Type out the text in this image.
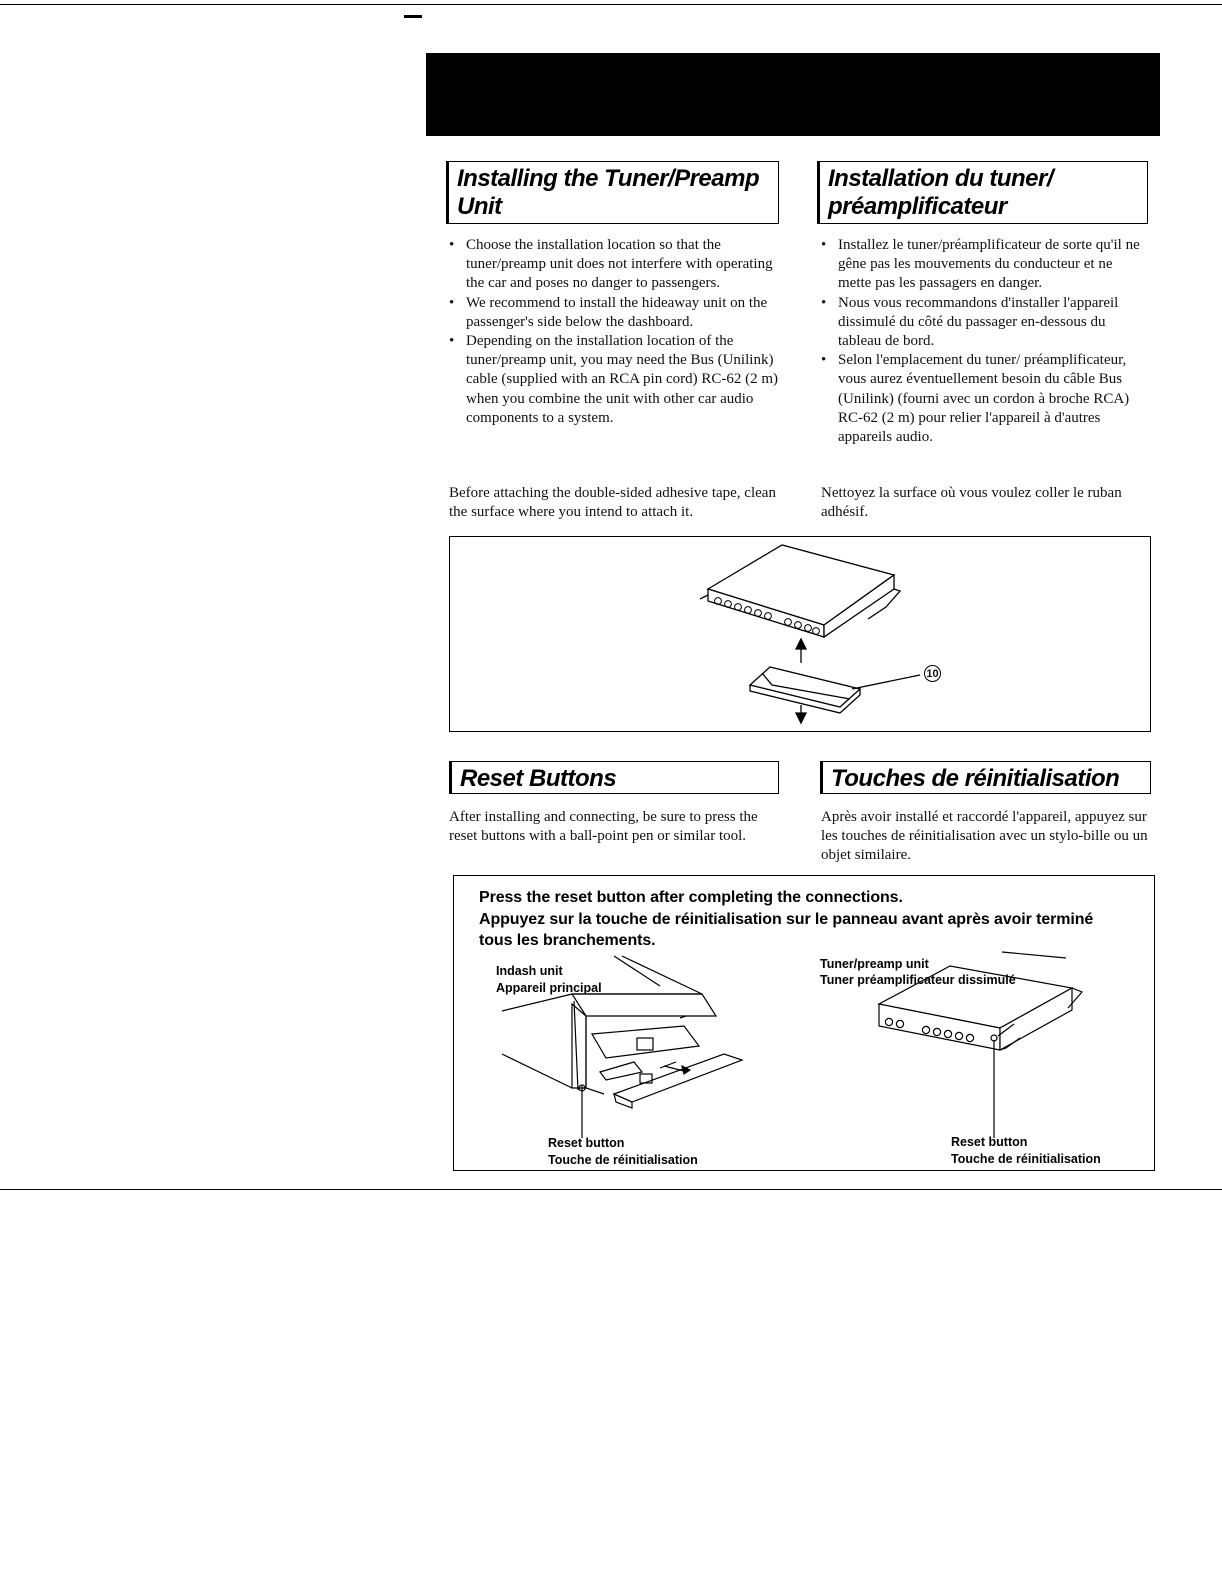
Installing the Tuner/Preamp Unit
Installation du tuner/ préamplificateur
• Choose the installation location so that the tuner/preamp unit does not interfere with operating the car and poses no danger to passengers.
• We recommend to install the hideaway unit on the passenger's side below the dashboard.
• Depending on the installation location of the tuner/preamp unit, you may need the Bus (Unilink) cable (supplied with an RCA pin cord) RC-62 (2 m) when you combine the unit with other car audio components to a system.
Before attaching the double-sided adhesive tape, clean the surface where you intend to attach it.
• Installez le tuner/préamplificateur de sorte qu'il ne gêne pas les mouvements du conducteur et ne mette pas les passagers en danger.
• Nous vous recommandons d'installer l'appareil dissimulé du côté du passager en-dessous du tableau de bord.
• Selon l'emplacement du tuner/ préamplificateur, vous aurez éventuellement besoin du câble Bus (Unilink) (fourni avec un cordon à broche RCA) RC-62 (2 m) pour relier l'appareil à d'autres appareils audio.
Nettoyez la surface où vous voulez coller le ruban adhésif.
10
Reset Buttons	Touches de réinitialisation
After installing and connecting, be sure to press the reset buttons with a ball-point pen or similar tool.
Après avoir installé et raccordé l'appareil, appuyez sur les touches de réinitialisation avec un stylo-bille ou un objet similaire.
Press the reset button after completing the connections.
Appuyez sur la touche de réinitialisation sur le panneau avant après avoir terminé
tous les branchements.
Indash unit
Appareil principal
Tuner/preamp unit
Tuner préamplificateur dissimulé
Reset button
Touche de réinitialisation
Reset button
Touche de réinitialisation
